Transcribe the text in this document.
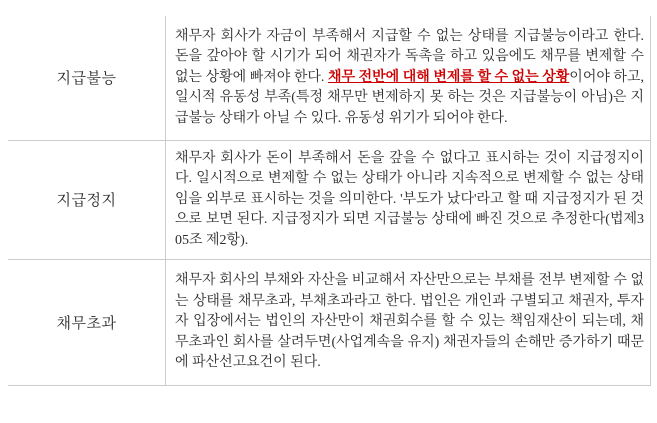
지급불능	채무자 회사가 자금이 부족해서 지급할 수 없는 상태를 지급불능이라고 한다. 돈을 갚아야 할 시기가 되어 채권자가 독촉을 하고 있음에도 채무를 변제할 수 없는 상황에 빠져야 한다. 채무 전반에 대해 변제를 할 수 없는 상황이어야 하고, 일시적 유동성 부족(특정 채무만 변제하지 못 하는 것은 지급불능이 아님)은 지급불능 상태가 아닐 수 있다. 유동성 위기가 되어야 한다.
지급정지	채무자 회사가 돈이 부족해서 돈을 갚을 수 없다고 표시하는 것이 지급정지이다. 일시적으로 변제할 수 없는 상태가 아니라 지속적으로 변제할 수 없는 상태임을 외부로 표시하는 것을 의미한다. '부도가 났다'라고 할 때 지급정지가 된 것으로 보면 된다. 지급정지가 되면 지급불능 상태에 빠진 것으로 추정한다(법제305조 제2항).
채무초과	채무자 회사의 부채와 자산을 비교해서 자산만으로는 부채를 전부 변제할 수 없는 상태를 채무초과, 부채초과라고 한다. 법인은 개인과 구별되고 채권자, 투자자 입장에서는 법인의 자산만이 채권회수를 할 수 있는 책임재산이 되는데, 채무초과인 회사를 살려두면(사업계속을 유지) 채권자들의 손해만 증가하기 때문에 파산선고요건이 된다.
